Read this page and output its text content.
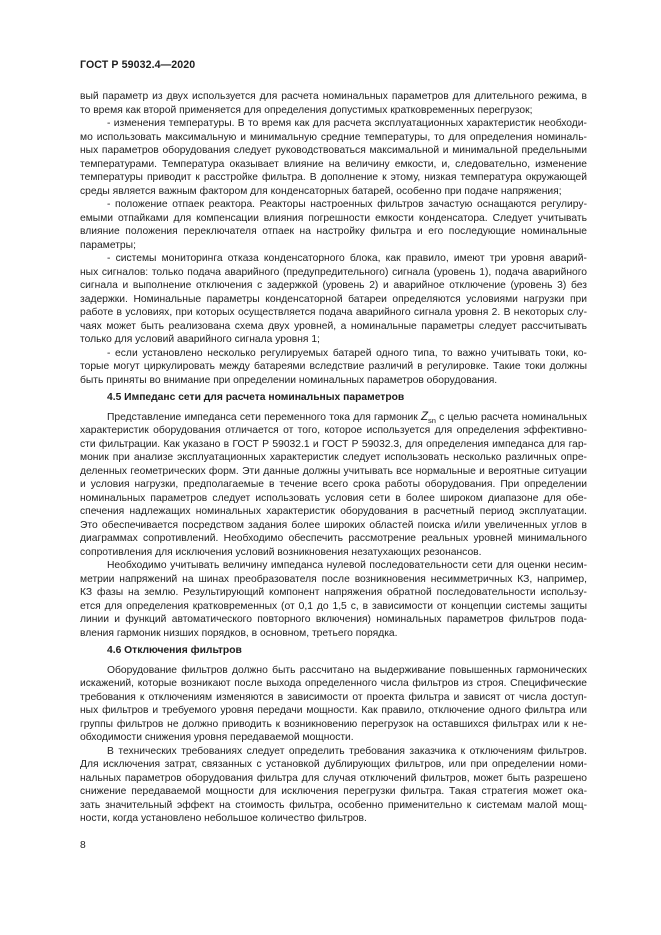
ГОСТ Р 59032.4—2020
вый параметр из двух используется для расчета номинальных параметров для длительного режима, в
то время как второй применяется для определения допустимых кратковременных перегрузок;
- изменения температуры. В то время как для расчета эксплуатационных характеристик необходи-
мо использовать максимальную и минимальную средние температуры, то для определения номиналь-
ных параметров оборудования следует руководствоваться максимальной и минимальной предельными
температурами. Температура оказывает влияние на величину емкости, и, следовательно, изменение
температуры приводит к расстройке фильтра. В дополнение к этому, низкая температура окружающей
среды является важным фактором для конденсаторных батарей, особенно при подаче напряжения;
- положение отпаек реактора. Реакторы настроенных фильтров зачастую оснащаются регулиру-
емыми отпайками для компенсации влияния погрешности емкости конденсатора. Следует учитывать
влияние положения переключателя отпаек на настройку фильтра и его последующие номинальные
параметры;
- системы мониторинга отказа конденсаторного блока, как правило, имеют три уровня аварий-
ных сигналов: только подача аварийного (предупредительного) сигнала (уровень 1), подача аварийного
сигнала и выполнение отключения с задержкой (уровень 2) и аварийное отключение (уровень 3) без
задержки. Номинальные параметры конденсаторной батареи определяются условиями нагрузки при
работе в условиях, при которых осуществляется подача аварийного сигнала уровня 2. В некоторых слу-
чаях может быть реализована схема двух уровней, а номинальные параметры следует рассчитывать
только для условий аварийного сигнала уровня 1;
- если установлено несколько регулируемых батарей одного типа, то важно учитывать токи, ко-
торые могут циркулировать между батареями вследствие различий в регулировке. Такие токи должны
быть приняты во внимание при определении номинальных параметров оборудования.
4.5 Импеданс сети для расчета номинальных параметров
Представление импеданса сети переменного тока для гармоник $Z_{sn}$ с целью расчета номинальных
характеристик оборудования отличается от того, которое используется для определения эффективно-
сти фильтрации. Как указано в ГОСТ Р 59032.1 и ГОСТ Р 59032.3, для определения импеданса для гар-
моник при анализе эксплуатационных характеристик следует использовать несколько различных опре-
деленных геометрических форм. Эти данные должны учитывать все нормальные и вероятные ситуации
и условия нагрузки, предполагаемые в течение всего срока работы оборудования. При определении
номинальных параметров следует использовать условия сети в более широком диапазоне для обе-
спечения надлежащих номинальных характеристик оборудования в расчетный период эксплуатации.
Это обеспечивается посредством задания более широких областей поиска и/или увеличенных углов в
диаграммах сопротивлений. Необходимо обеспечить рассмотрение реальных уровней минимального
сопротивления для исключения условий возникновения незатухающих резонансов.
Необходимо учитывать величину импеданса нулевой последовательности сети для оценки несим-
метрии напряжений на шинах преобразователя после возникновения несимметричных КЗ, например,
КЗ фазы на землю. Результирующий компонент напряжения обратной последовательности использу-
ется для определения кратковременных (от 0,1 до 1,5 с, в зависимости от концепции системы защиты
линии и функций автоматического повторного включения) номинальных параметров фильтров пода-
вления гармоник низших порядков, в основном, третьего порядка.
4.6 Отключения фильтров
Оборудование фильтров должно быть рассчитано на выдерживание повышенных гармонических
искажений, которые возникают после выхода определенного числа фильтров из строя. Специфические
требования к отключениям изменяются в зависимости от проекта фильтра и зависят от числа доступ-
ных фильтров и требуемого уровня передачи мощности. Как правило, отключение одного фильтра или
группы фильтров не должно приводить к возникновению перегрузок на оставшихся фильтрах или к не-
обходимости снижения уровня передаваемой мощности.
В технических требованиях следует определить требования заказчика к отключениям фильтров.
Для исключения затрат, связанных с установкой дублирующих фильтров, или при определении номи-
нальных параметров оборудования фильтра для случая отключений фильтров, может быть разрешено
снижение передаваемой мощности для исключения перегрузки фильтра. Такая стратегия может ока-
зать значительный эффект на стоимость фильтра, особенно применительно к системам малой мощ-
ности, когда установлено небольшое количество фильтров.
8
